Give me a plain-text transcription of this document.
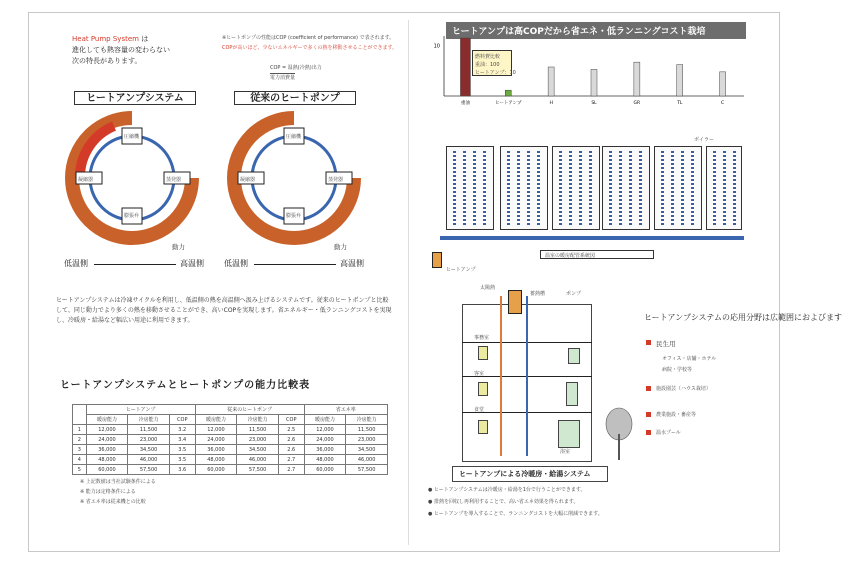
Heat Pump System は
進化しても熱容量の変わらない
次の特長があります。
※ヒートポンプの性能はCOP (coefficient of performance) で表されます。
COPが高いほど、少ないエネルギーで多くの熱を移動させることができます。
COP = 温熱(冷熱)出力
電力消費量
ヒートアンプシステム	従来のヒートポンプ
圧縮機
凝縮器	蒸発器
膨張弁
圧縮機
凝縮器	蒸発器
膨張弁
動力	動力
低温側	高温側	低温側	高温側
ヒートアンプシステムは冷凍サイクルを利用し、低温側の熱を高温側へ汲み上げるシステムです。従来のヒートポンプと比較して、同じ動力でより多くの熱を移動させることができ、高いCOPを実現します。省エネルギー・低ランニングコストを実現し、冷暖房・給湯など幅広い用途に利用できます。
ヒートアンプシステムとヒートポンプの能力比較表
	ヒートアンプ			従来のヒートポンプ			省エネ率	
	暖房能力	冷房能力	COP	暖房能力	冷房能力	COP	暖房能力	冷房能力
1	12,000	11,500	3.2	12,000	11,500	2.5	12,000	11,500
2	24,000	23,000	3.4	24,000	23,000	2.6	24,000	23,000
3	36,000	34,500	3.5	36,000	34,500	2.6	36,000	34,500
4	48,000	46,000	3.5	48,000	46,000	2.7	48,000	46,000
5	60,000	57,500	3.6	60,000	57,500	2.7	60,000	57,500
※ 上記数値は当社試験条件による
※ 能力は定格条件による
※ 省エネ率は従来機との比較
ヒートアンプは高COPだから省エネ・低ランニングコスト栽培
10
重油	ヒートアンプ	H	SL	GR	TL	C
燃料費比較
重油：100
ヒートアンプ：10
ボイラー
温室の暖房配管系統図
ヒートアンプ
太陽熱
蓄熱槽	ポンプ
事務室
客室
食堂
浴室
ヒートアンプによる冷暖房・給湯システム
ヒートアンプシステムの応用分野は広範囲におよびます
民生用
オフィス・店舗・ホテル
病院・学校等
施設園芸（ハウス栽培）
農業施設・畜産等
温水プール
● ヒートアンプシステムは冷暖房・給湯を1台で行うことができます。
● 排熱を回収し再利用することで、高い省エネ効果を得られます。
● ヒートアンプを導入することで、ランニングコストを大幅に削減できます。
